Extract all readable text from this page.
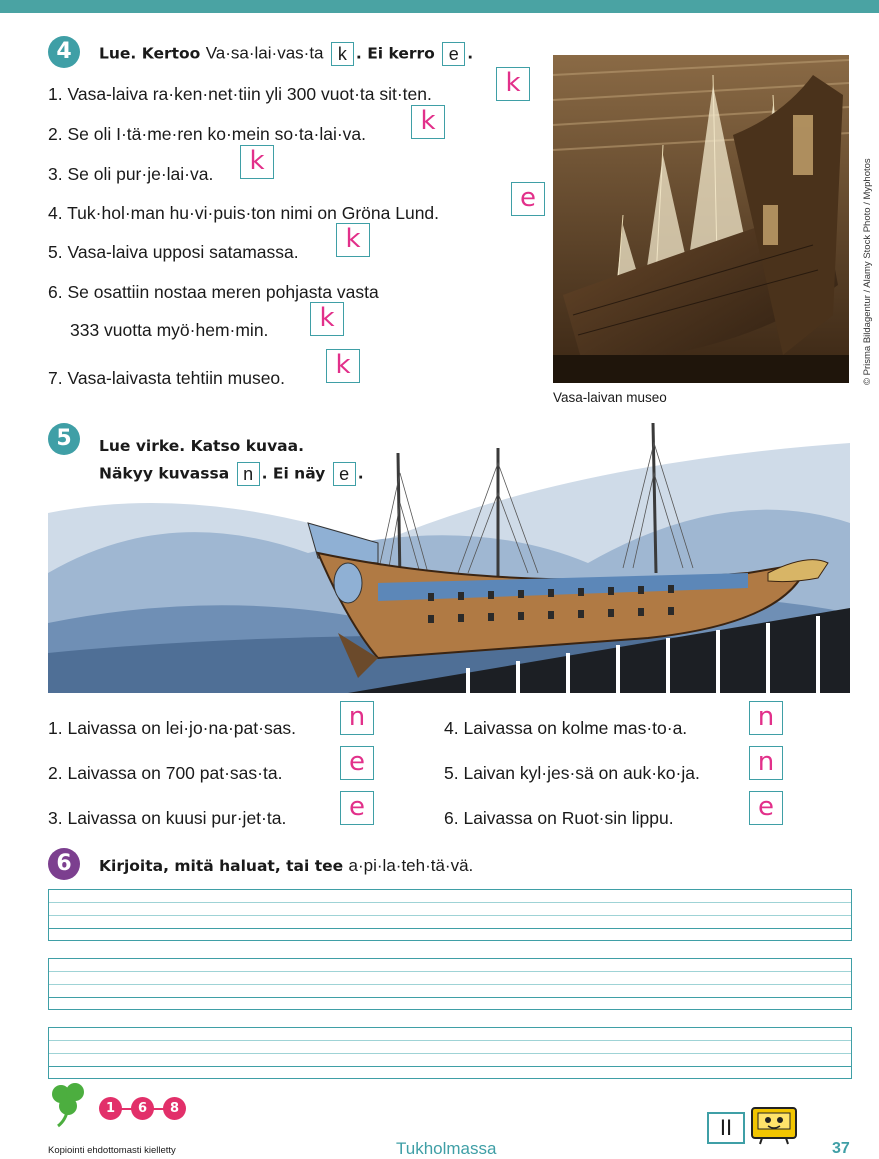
4	Lue. Kertoo Va·sa·lai·vas·ta k . Ei kerro e .
1. Vasa-laiva ra·ken·net·tiin yli 300 vuot·ta sit·ten.	k
2. Se oli I·tä·me·ren ko·mein so·ta·lai·va.	k
3. Se oli pur·je·lai·va.	k
4. Tuk·hol·man hu·vi·puis·ton nimi on Gröna Lund.	e
5. Vasa-laiva upposi satamassa.	k
6. Se osattiin nostaa meren pohjasta vasta
333 vuotta myö·hem·min.	k
7. Vasa-laivasta tehtiin museo.	k	© Prisma Bildagentur / Alamy Stock Photo / Myphotos
Vasa-laivan museo
5	Lue virke. Katso kuvaa.
Näkyy kuvassa n . Ei näy e .
1. Laivassa on lei·jo·na·pat·sas.	n
2. Laivassa on 700 pat·sas·ta.	e
3. Laivassa on kuusi pur·jet·ta.	e
4. Laivassa on kolme mas·to·a.	n
5. Laivan kyl·jes·sä on auk·ko·ja.	n
6. Laivassa on Ruot·sin lippu.	e
6	Kirjoita, mitä haluat, tai tee a·pi·la·teh·tä·vä.
1	6	8
Kopiointi ehdottomasti kielletty	Tukholmassa
II
37
